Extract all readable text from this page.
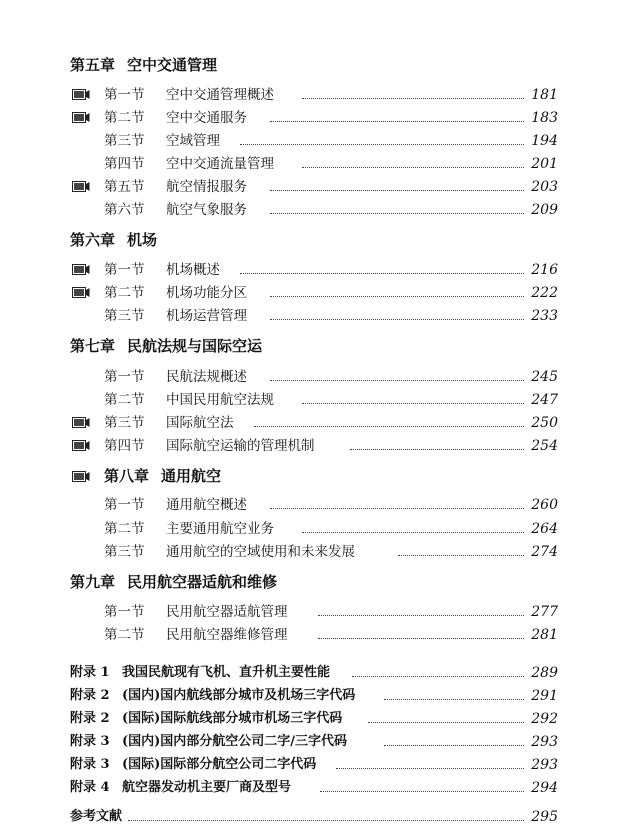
第五章 空中交通管理
第一节 空中交通管理概述	181
第二节 空中交通服务	183
第三节 空域管理	194
第四节 空中交通流量管理	201
第五节 航空情报服务	203
第六节 航空气象服务	209
第六章 机场
第一节 机场概述	216
第二节 机场功能分区	222
第三节 机场运营管理	233
第七章 民航法规与国际空运
第一节 民航法规概述	245
第二节 中国民用航空法规	247
第三节 国际航空法	250
第四节 国际航空运输的管理机制	254
第八章 通用航空
第一节 通用航空概述	260
第二节 主要通用航空业务	264
第三节 通用航空的空域使用和未来发展	274
第九章 民用航空器适航和维修
第一节 民用航空器适航管理	277
第二节 民用航空器维修管理	281
附录 1 我国民航现有飞机、直升机主要性能	289
附录 2 (国内)国内航线部分城市及机场三字代码	291
附录 2 (国际)国际航线部分城市机场三字代码	292
附录 3 (国内)国内部分航空公司二字/三字代码	293
附录 3 (国际)国际部分航空公司二字代码	293
附录 4 航空器发动机主要厂商及型号	294
参考文献	295
